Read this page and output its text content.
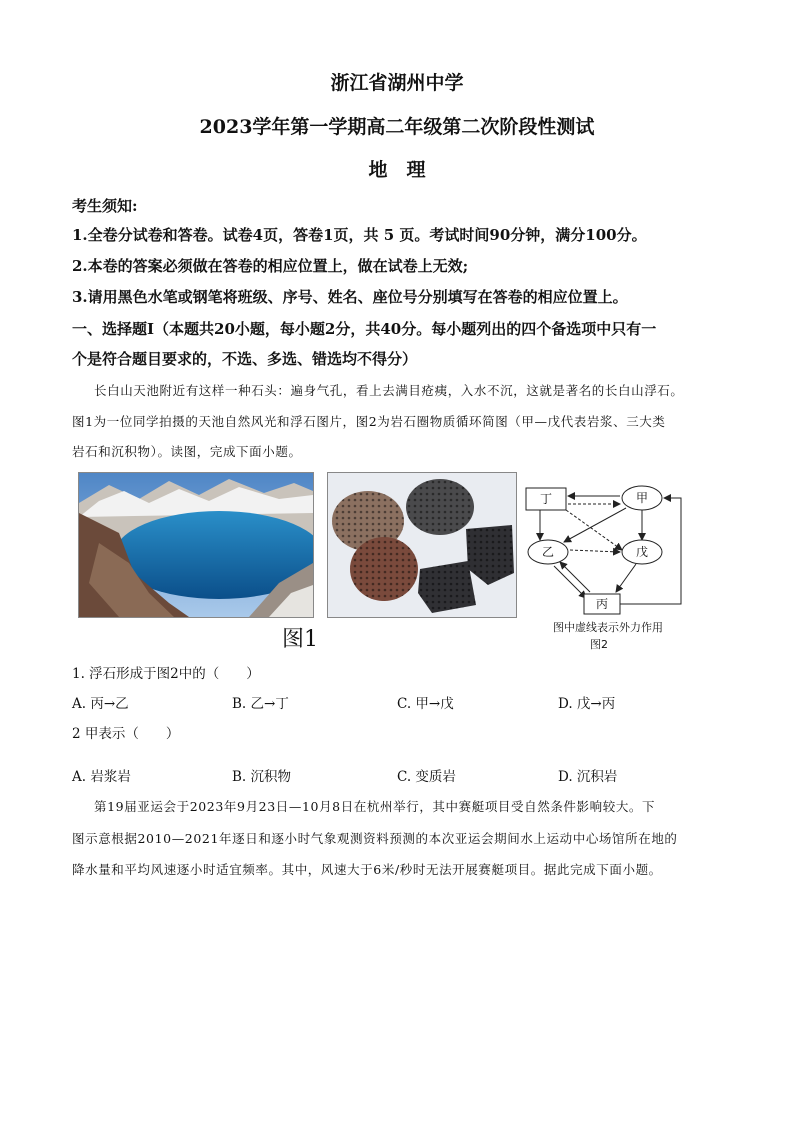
浙江省湖州中学
2023学年第一学期高二年级第二次阶段性测试
地　理
考生须知:
1.全卷分试卷和答卷。试卷4页，答卷1页，共 5 页。考试时间90分钟，满分100分。
2.本卷的答案必须做在答卷的相应位置上，做在试卷上无效;
3.请用黑色水笔或钢笔将班级、序号、姓名、座位号分别填写在答卷的相应位置上。
一、选择题Ⅰ（本题共20小题，每小题2分，共40分。每小题列出的四个备选项中只有一
个是符合题目要求的，不选、多选、错选均不得分）
长白山天池附近有这样一种石头：遍身气孔，看上去满目疮痍，入水不沉，这就是著名的长白山浮石。
图1为一位同学拍摄的天池自然风光和浮石图片，图2为岩石圈物质循环简图（甲—戊代表岩浆、三大类
岩石和沉积物）。读图，完成下面小题。
图1
丁	甲
乙	戊
丙
图中虚线表示外力作用
图2
1. 浮石形成于图2中的（　　）
A. 丙→乙	B. 乙→丁	C. 甲→戊	D. 戊→丙
2 甲表示（　　）
A. 岩浆岩	B. 沉积物	C. 变质岩	D. 沉积岩
第19届亚运会于2023年9月23日—10月8日在杭州举行，其中赛艇项目受自然条件影响较大。下
图示意根据2010—2021年逐日和逐小时气象观测资料预测的本次亚运会期间水上运动中心场馆所在地的
降水量和平均风速逐小时适宜频率。其中，风速大于6米/秒时无法开展赛艇项目。据此完成下面小题。
